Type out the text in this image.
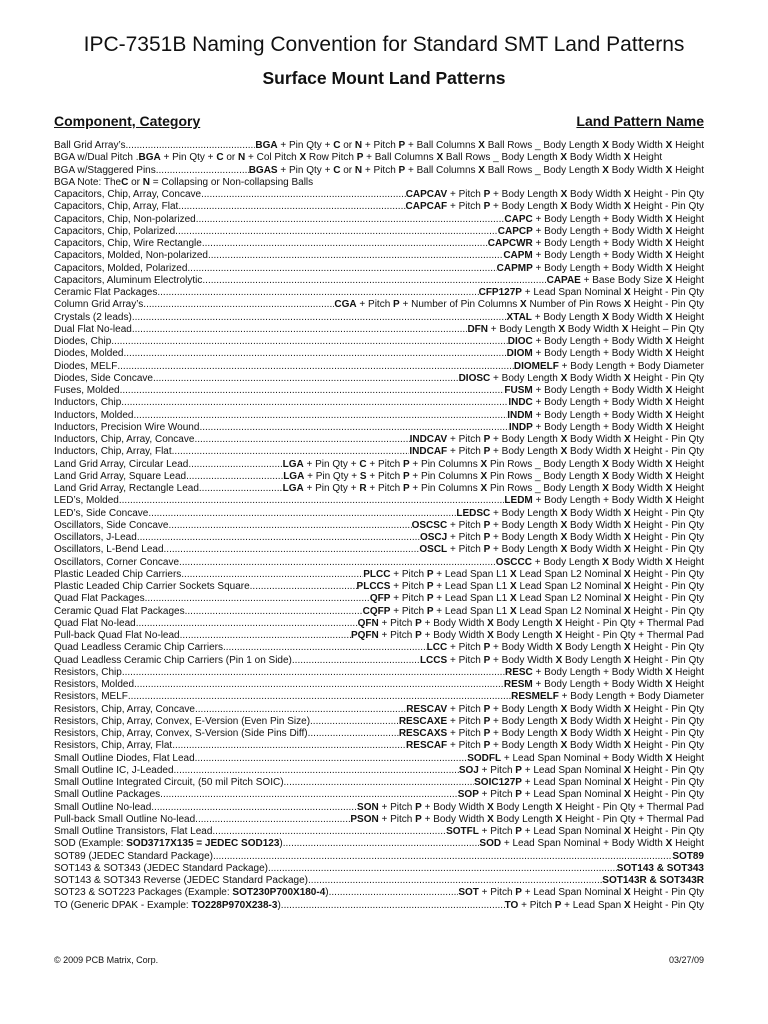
IPC-7351B Naming Convention for Standard SMT Land Patterns
Surface Mount Land Patterns
Component, Category	Land Pattern Name
Ball Grid Array’s .....	BGA + Pin Qty + C or N + Pitch P + Ball Columns X Ball Rows _ Body Length X Body Width X Height
BGA w/Dual Pitch . BGA + Pin Qty + C or N + Col Pitch X Row Pitch P + Ball Columns X Ball Rows _ Body Length X Body Width X Height
BGA w/Staggered Pins .....	BGAS + Pin Qty + C or N + Pitch P + Ball Columns X Ball Rows _ Body Length X Body Width X Height
BGA Note: The C or N = Collapsing or Non-collapsing Balls
Capacitors, Chip, Array, Concave .....	CAPCAV + Pitch P + Body Length X Body Width X Height - Pin Qty
Capacitors, Chip, Array, Flat .....	CAPCAF + Pitch P + Body Length X Body Width X Height - Pin Qty
Capacitors, Chip, Non-polarized .....	CAPC + Body Length + Body Width X Height
Capacitors, Chip, Polarized .....	CAPCP + Body Length + Body Width X Height
Capacitors, Chip, Wire Rectangle .....	CAPCWR + Body Length + Body Width X Height
Capacitors, Molded, Non-polarized .....	CAPM + Body Length + Body Width X Height
Capacitors, Molded, Polarized .....	CAPMP + Body Length + Body Width X Height
Capacitors, Aluminum Electrolytic .....	CAPAE + Base Body Size X Height
Ceramic Flat Packages .....	CFP127P + Lead Span Nominal X Height - Pin Qty
Column Grid Array’s .....	CGA + Pitch P + Number of Pin Columns X Number of Pin Rows X Height - Pin Qty
Crystals (2 leads) .....	XTAL + Body Length X Body Width X Height
Dual Flat No-lead .....	DFN + Body Length X Body Width X Height – Pin Qty
Diodes, Chip .....	DIOC + Body Length + Body Width X Height
Diodes, Molded .....	DIOM + Body Length + Body Width X Height
Diodes, MELF .....	DIOMELF + Body Length + Body Diameter
Diodes, Side Concave .....	DIOSC + Body Length X Body Width X Height - Pin Qty
Fuses, Molded .....	FUSM + Body Length + Body Width X Height
Inductors, Chip .....	INDC + Body Length + Body Width X Height
Inductors, Molded .....	INDM + Body Length + Body Width X Height
Inductors, Precision Wire Wound .....	INDP + Body Length + Body Width X Height
Inductors, Chip, Array, Concave .....	INDCAV + Pitch P + Body Length X Body Width X Height - Pin Qty
Inductors, Chip, Array, Flat .....	INDCAF + Pitch P + Body Length X Body Width X Height - Pin Qty
Land Grid Array, Circular Lead .....	LGA + Pin Qty + C + Pitch P + Pin Columns X Pin Rows _ Body Length X Body Width X Height
Land Grid Array, Square Lead .....	LGA + Pin Qty + S + Pitch P + Pin Columns X Pin Rows _ Body Length X Body Width X Height
Land Grid Array, Rectangle Lead .....	LGA + Pin Qty + R + Pitch P + Pin Columns X Pin Rows _ Body Length X Body Width X Height
LED’s, Molded .....	LEDM + Body Length + Body Width X Height
LED’s, Side Concave .....	LEDSC + Body Length X Body Width X Height - Pin Qty
Oscillators, Side Concave .....	OSCSC + Pitch P + Body Length X Body Width X Height - Pin Qty
Oscillators, J-Lead .....	OSCJ + Pitch P + Body Length X Body Width X Height - Pin Qty
Oscillators, L-Bend Lead .....	OSCL + Pitch P + Body Length X Body Width X Height - Pin Qty
Oscillators, Corner Concave .....	OSCCC + Body Length X Body Width X Height
Plastic Leaded Chip Carriers .....	PLCC + Pitch P + Lead Span L1 X Lead Span L2 Nominal X Height - Pin Qty
Plastic Leaded Chip Carrier Sockets Square .....	PLCCS + Pitch P + Lead Span L1 X Lead Span L2 Nominal X Height - Pin Qty
Quad Flat Packages .....	QFP + Pitch P + Lead Span L1 X Lead Span L2 Nominal X Height - Pin Qty
Ceramic Quad Flat Packages .....	CQFP + Pitch P + Lead Span L1 X Lead Span L2 Nominal X Height - Pin Qty
Quad Flat No-lead .....	QFN + Pitch P + Body Width X Body Length X Height - Pin Qty + Thermal Pad
Pull-back Quad Flat No-lead .....	PQFN + Pitch P + Body Width X Body Length X Height - Pin Qty + Thermal Pad
Quad Leadless Ceramic Chip Carriers .....	LCC + Pitch P + Body Width X Body Length X Height - Pin Qty
Quad Leadless Ceramic Chip Carriers (Pin 1 on Side) .....	LCCS + Pitch P + Body Width X Body Length X Height - Pin Qty
Resistors, Chip .....	RESC + Body Length + Body Width X Height
Resistors, Molded .....	RESM + Body Length + Body Width X Height
Resistors, MELF .....	RESMELF + Body Length + Body Diameter
Resistors, Chip, Array, Concave .....	RESCAV + Pitch P + Body Length X Body Width X Height - Pin Qty
Resistors, Chip, Array, Convex, E-Version (Even Pin Size) .....	RESCAXE + Pitch P + Body Length X Body Width X Height - Pin Qty
Resistors, Chip, Array, Convex, S-Version (Side Pins Diff) .....	RESCAXS + Pitch P + Body Length X Body Width X Height - Pin Qty
Resistors, Chip, Array, Flat .....	RESCAF + Pitch P + Body Length X Body Width X Height - Pin Qty
Small Outline Diodes, Flat Lead .....	SODFL + Lead Span Nominal + Body Width X Height
Small Outline IC, J-Leaded .....	SOJ + Pitch P + Lead Span Nominal X Height - Pin Qty
Small Outline Integrated Circuit, (50 mil Pitch SOIC) .....	SOIC127P + Lead Span Nominal X Height - Pin Qty
Small Outline Packages .....	SOP + Pitch P + Lead Span Nominal X Height - Pin Qty
Small Outline No-lead .....	SON + Pitch P + Body Width X Body Length X Height - Pin Qty + Thermal Pad
Pull-back Small Outline No-lead .....	PSON + Pitch P + Body Width X Body Length X Height - Pin Qty + Thermal Pad
Small Outline Transistors, Flat Lead .....	SOTFL + Pitch P + Lead Span Nominal X Height - Pin Qty
SOD (Example: SOD3717X135 = JEDEC SOD123) .....	SOD + Lead Span Nominal + Body Width X Height
SOT89 (JEDEC Standard Package) .....	SOT89
SOT143 & SOT343 (JEDEC Standard Package) .....	SOT143 & SOT343
SOT143 & SOT343 Reverse (JEDEC Standard Package) .....	SOT143R & SOT343R
SOT23 & SOT223 Packages (Example: SOT230P700X180-4) .....	SOT + Pitch P + Lead Span Nominal X Height - Pin Qty
TO (Generic DPAK - Example: TO228P970X238-3) .....	TO + Pitch P + Lead Span X Height - Pin Qty
© 2009 PCB Matrix, Corp.	03/27/09
